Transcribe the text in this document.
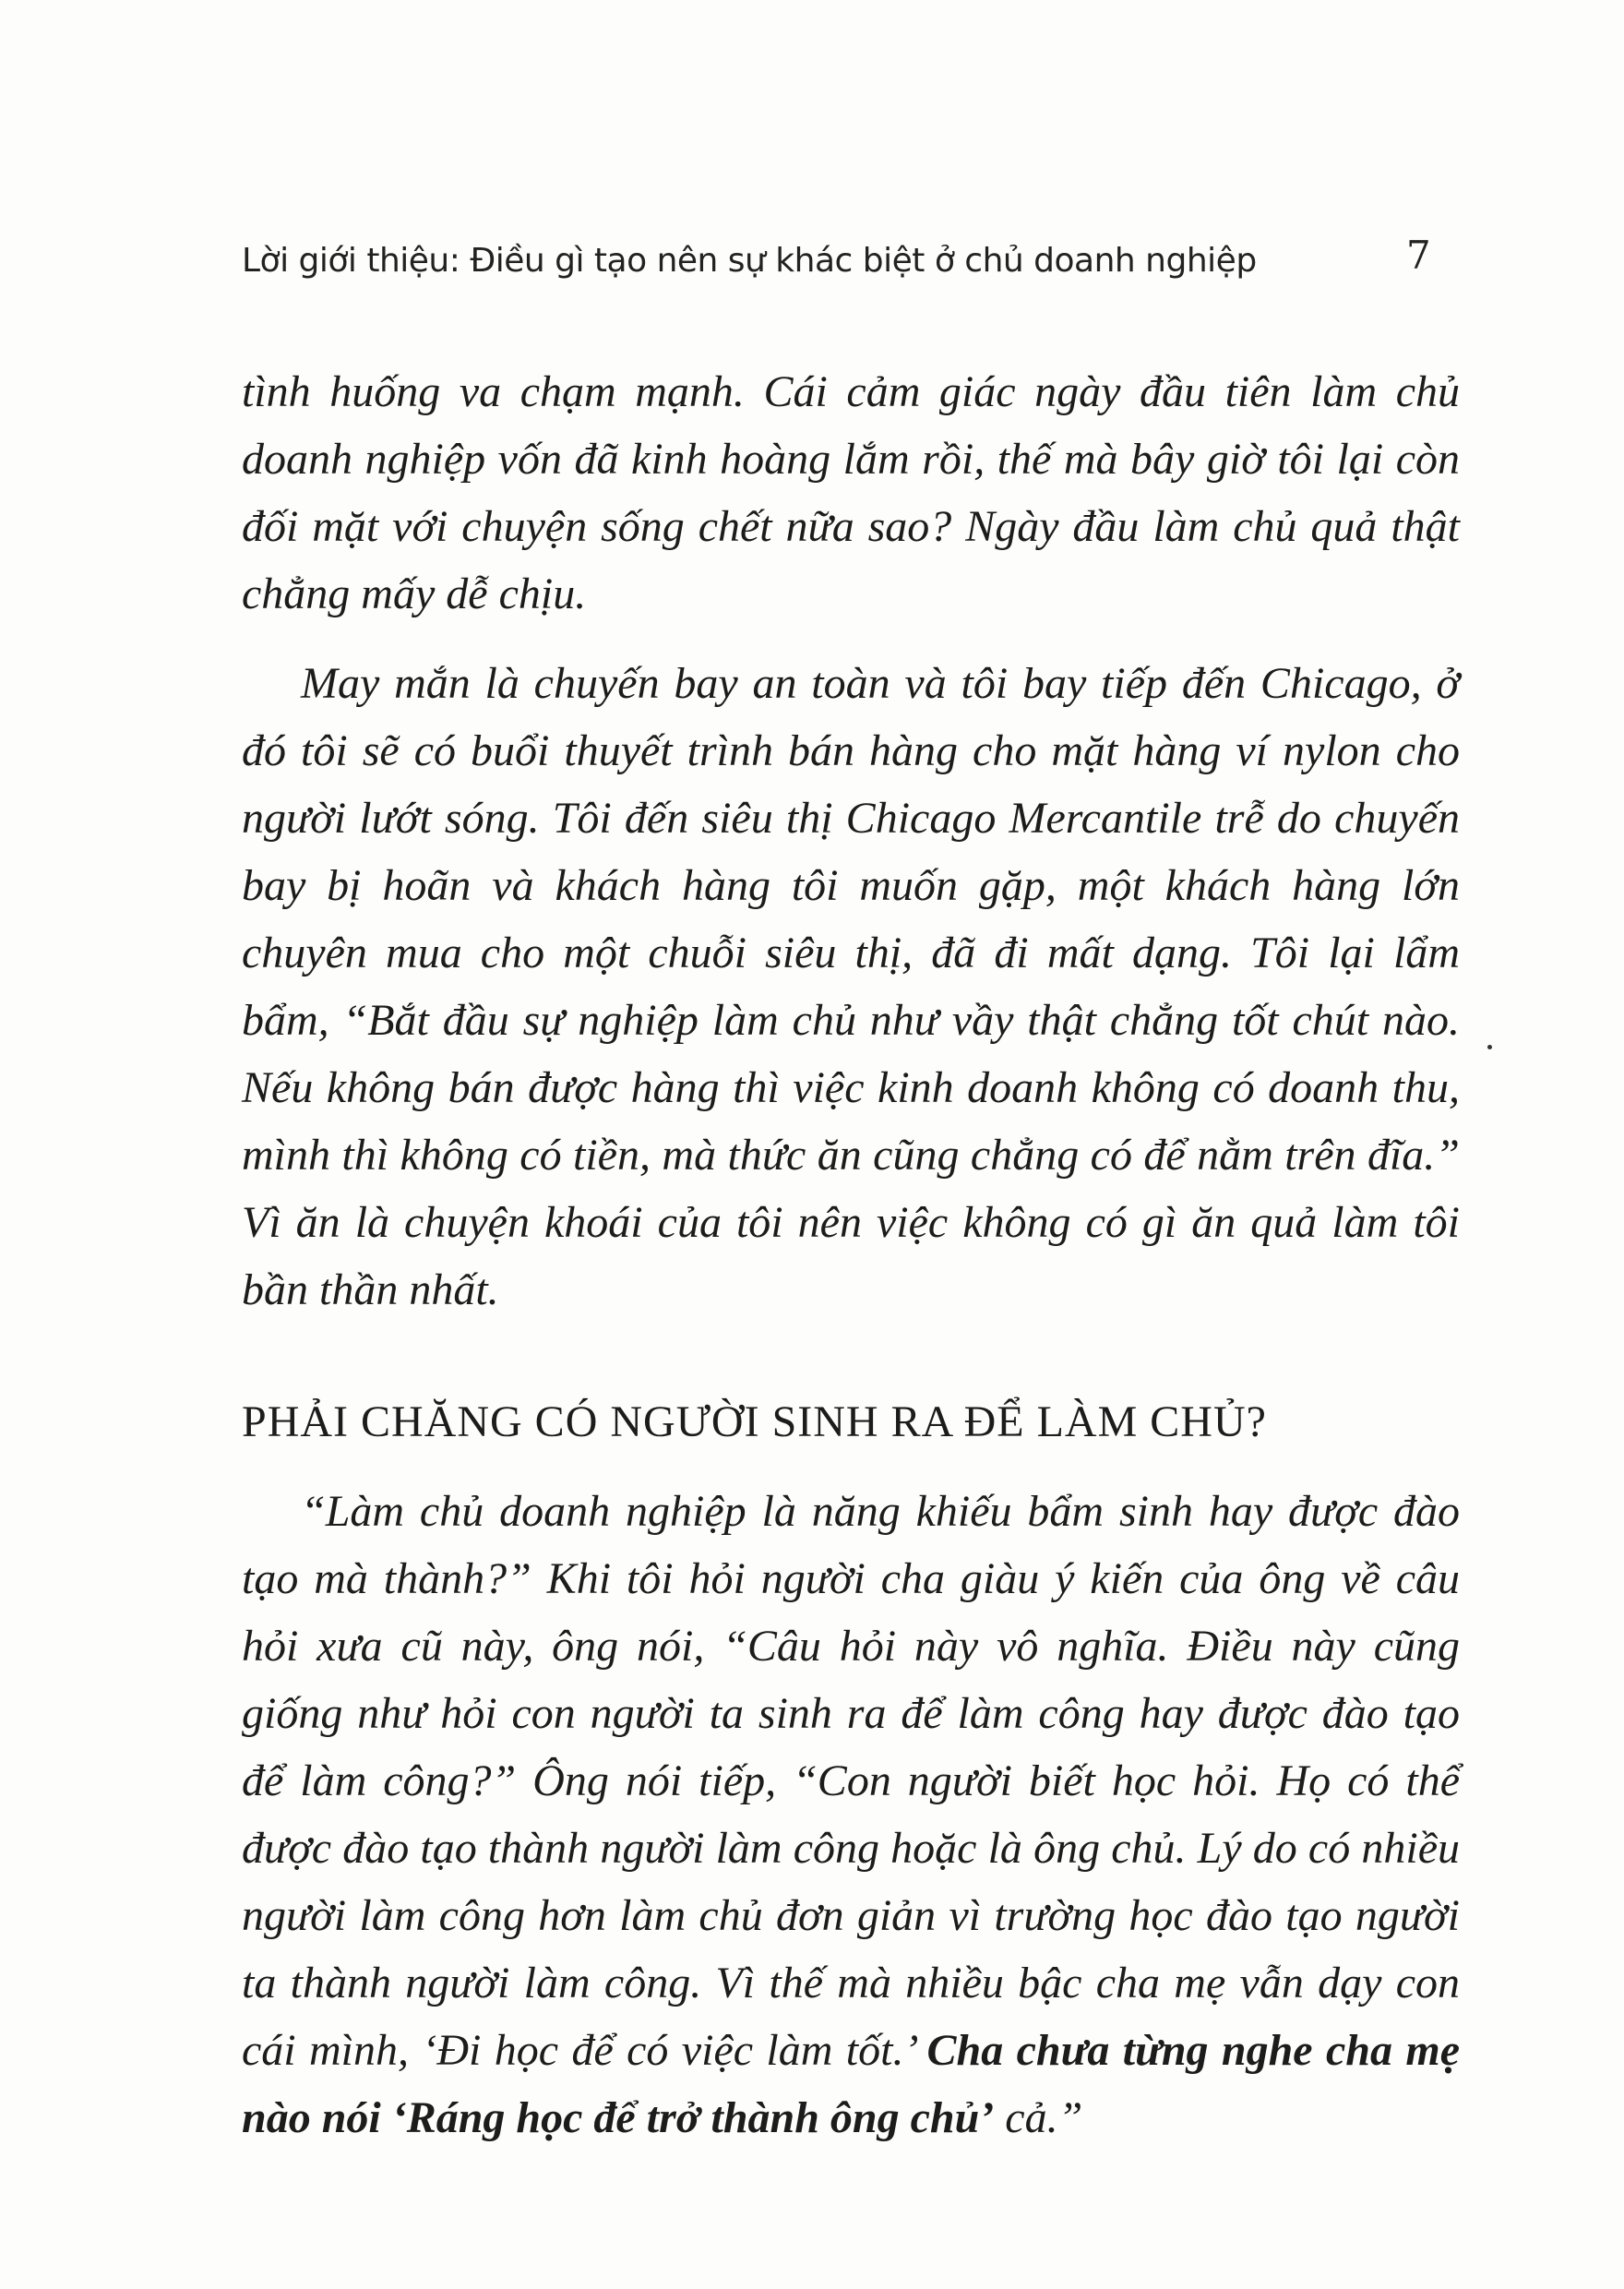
Lời giới thiệu: Điều gì tạo nên sự khác biệt ở chủ doanh nghiệp	7

tình huống va chạm mạnh. Cái cảm giác ngày đầu tiên làm chủ doanh nghiệp vốn đã kinh hoàng lắm rồi, thế mà bây giờ tôi lại còn đối mặt với chuyện sống chết nữa sao? Ngày đầu làm chủ quả thật chẳng mấy dễ chịu.

May mắn là chuyến bay an toàn và tôi bay tiếp đến Chicago, ở đó tôi sẽ có buổi thuyết trình bán hàng cho mặt hàng ví nylon cho người lướt sóng. Tôi đến siêu thị Chicago Mercantile trễ do chuyến bay bị hoãn và khách hàng tôi muốn gặp, một khách hàng lớn chuyên mua cho một chuỗi siêu thị, đã đi mất dạng. Tôi lại lẩm bẩm, “Bắt đầu sự nghiệp làm chủ như vầy thật chẳng tốt chút nào. Nếu không bán được hàng thì việc kinh doanh không có doanh thu, mình thì không có tiền, mà thức ăn cũng chẳng có để nằm trên đĩa.” Vì ăn là chuyện khoái của tôi nên việc không có gì ăn quả làm tôi bần thần nhất.

PHẢI CHĂNG CÓ NGƯỜI SINH RA ĐỂ LÀM CHỦ?

“Làm chủ doanh nghiệp là năng khiếu bẩm sinh hay được đào tạo mà thành?” Khi tôi hỏi người cha giàu ý kiến của ông về câu hỏi xưa cũ này, ông nói, “Câu hỏi này vô nghĩa. Điều này cũng giống như hỏi con người ta sinh ra để làm công hay được đào tạo để làm công?” Ông nói tiếp, “Con người biết học hỏi. Họ có thể được đào tạo thành người làm công hoặc là ông chủ. Lý do có nhiều người làm công hơn làm chủ đơn giản vì trường học đào tạo người ta thành người làm công. Vì thế mà nhiều bậc cha mẹ vẫn dạy con cái mình, ‘Đi học để có việc làm tốt.’ Cha chưa từng nghe cha mẹ nào nói ‘Ráng học để trở thành ông chủ’ cả.”
